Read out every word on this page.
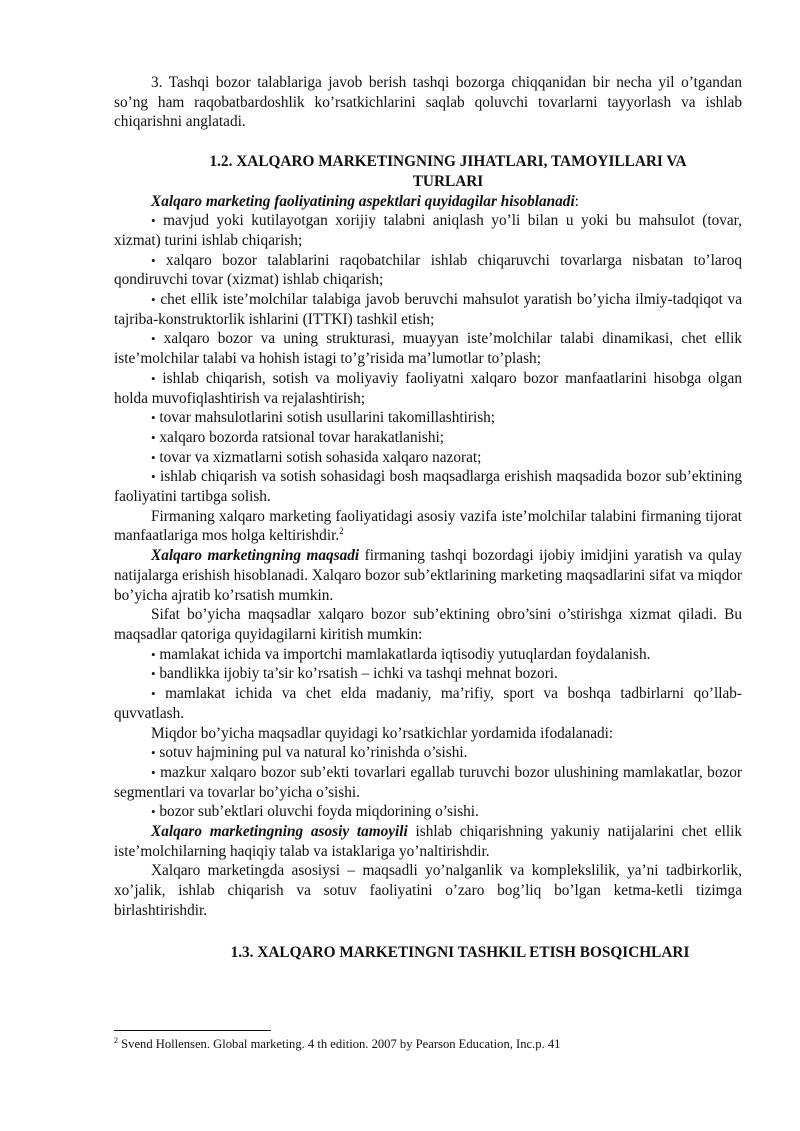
3. Tashqi bozor talablariga javob berish tashqi bozorga chiqqanidan bir necha yil o’tgandan so’ng ham raqobatbardoshlik ko’rsatkichlarini saqlab qoluvchi tovarlarni tayyorlash va ishlab chiqarishni anglatadi.

1.2. XALQARO MARKETINGNING JIHATLARI, TAMOYILLARI VA
TURLARI

Xalqaro marketing faoliyatining aspektlari quyidagilar hisoblanadi:

• mavjud yoki kutilayotgan xorijiy talabni aniqlash yo’li bilan u yoki bu mahsulot (tovar, xizmat) turini ishlab chiqarish;

• xalqaro bozor talablarini raqobatchilar ishlab chiqaruvchi tovarlarga nisbatan to’laroq qondiruvchi tovar (xizmat) ishlab chiqarish;

• chet ellik iste’molchilar talabiga javob beruvchi mahsulot yaratish bo’yicha ilmiy-tadqiqot va tajriba-konstruktorlik ishlarini (ITTKI) tashkil etish;

• xalqaro bozor va uning strukturasi, muayyan iste’molchilar talabi dinamikasi, chet ellik iste’molchilar talabi va hohish istagi to’g’risida ma’lumotlar to’plash;

• ishlab chiqarish, sotish va moliyaviy faoliyatni xalqaro bozor manfaatlarini hisobga olgan holda muvofiqlashtirish va rejalashtirish;

• tovar mahsulotlarini sotish usullarini takomillashtirish;

• xalqaro bozorda ratsional tovar harakatlanishi;

• tovar va xizmatlarni sotish sohasida xalqaro nazorat;

• ishlab chiqarish va sotish sohasidagi bosh maqsadlarga erishish maqsadida bozor sub’ektining faoliyatini tartibga solish.

Firmaning xalqaro marketing faoliyatidagi asosiy vazifa iste’molchilar talabini firmaning tijorat manfaatlariga mos holga keltirishdir.$^2$

Xalqaro marketingning maqsadi firmaning tashqi bozordagi ijobiy imidjini yaratish va qulay natijalarga erishish hisoblanadi. Xalqaro bozor sub’ektlarining marketing maqsadlarini sifat va miqdor bo’yicha ajratib ko’rsatish mumkin.

Sifat bo’yicha maqsadlar xalqaro bozor sub’ektining obro’sini o’stirishga xizmat qiladi. Bu maqsadlar qatoriga quyidagilarni kiritish mumkin:

• mamlakat ichida va importchi mamlakatlarda iqtisodiy yutuqlardan foydalanish.

• bandlikka ijobiy ta’sir ko’rsatish – ichki va tashqi mehnat bozori.

• mamlakat ichida va chet elda madaniy, ma’rifiy, sport va boshqa tadbirlarni qo’llab-quvvatlash.

Miqdor bo’yicha maqsadlar quyidagi ko’rsatkichlar yordamida ifodalanadi:

• sotuv hajmining pul va natural ko’rinishda o’sishi.

• mazkur xalqaro bozor sub’ekti tovarlari egallab turuvchi bozor ulushining mamlakatlar, bozor segmentlari va tovarlar bo’yicha o’sishi.

• bozor sub’ektlari oluvchi foyda miqdorining o’sishi.

Xalqaro marketingning asosiy tamoyili ishlab chiqarishning yakuniy natijalarini chet ellik iste’molchilarning haqiqiy talab va istaklariga yo’naltirishdir.

Xalqaro marketingda asosiysi – maqsadli yo’nalganlik va komplekslilik, ya’ni tadbirkorlik, xo’jalik, ishlab chiqarish va sotuv faoliyatini o’zaro bog’liq bo’lgan ketma-ketli tizimga birlashtirishdir.

1.3. XALQARO MARKETINGNI TASHKIL ETISH BOSQICHLARI
$^2$ Svend Hollensen. Global marketing. 4 th edition. 2007 by Pearson Education, Inc.p. 41
